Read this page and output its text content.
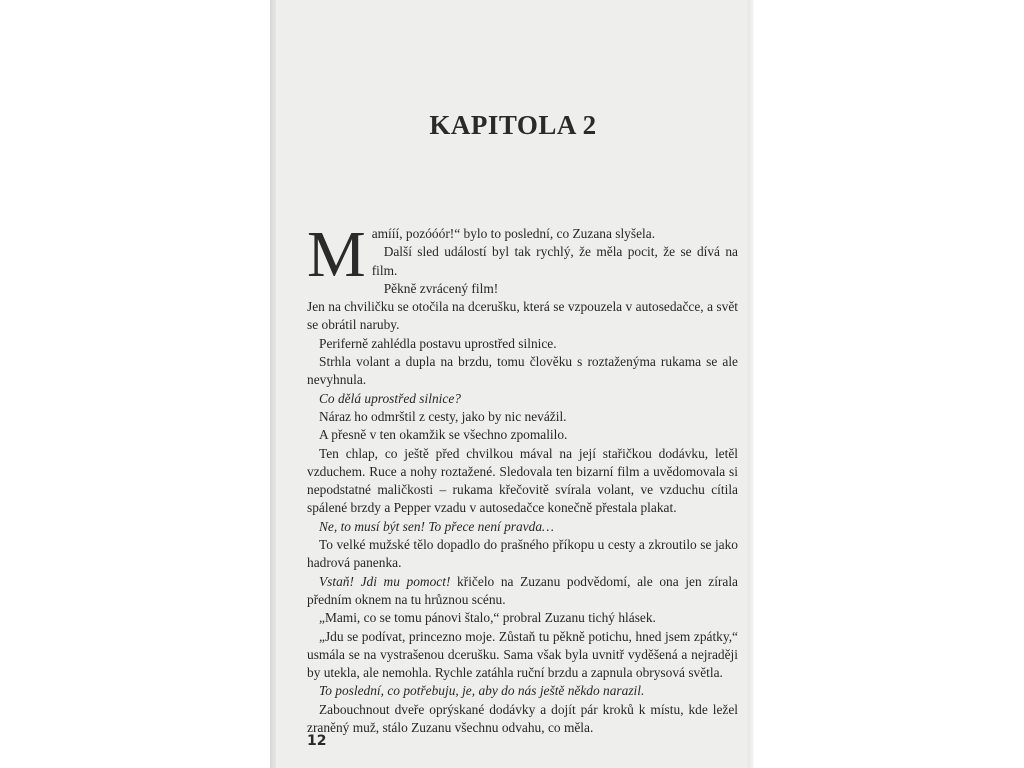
KAPITOLA 2

Mamííí, pozóóór!“ bylo to poslední, co Zuzana slyšela.

Další sled událostí byl tak rychlý, že měla pocit, že se dívá na film.

Pěkně zvrácený film!

Jen na chviličku se otočila na dcerušku, která se vzpouzela v autosedačce, a svět se obrátil naruby.

Periferně zahlédla postavu uprostřed silnice.

Strhla volant a dupla na brzdu, tomu člověku s roztaženýma rukama se ale nevyhnula.

Co dělá uprostřed silnice?

Náraz ho odmrštil z cesty, jako by nic nevážil.

A přesně v ten okamžik se všechno zpomalilo.

Ten chlap, co ještě před chvilkou mával na její stařičkou dodávku, letěl vzduchem. Ruce a nohy roztažené. Sledovala ten bizarní film a uvědomovala si nepodstatné maličkosti – rukama křečovitě svírala volant, ve vzduchu cítila spálené brzdy a Pepper vzadu v autosedačce konečně přestala plakat.

Ne, to musí být sen! To přece není pravda…

To velké mužské tělo dopadlo do prašného příkopu u cesty a zkroutilo se jako hadrová panenka.

Vstaň! Jdi mu pomoct! křičelo na Zuzanu podvědomí, ale ona jen zírala předním oknem na tu hrůznou scénu.

„Mami, co se tomu pánovi štalo,“ probral Zuzanu tichý hlásek.

„Jdu se podívat, princezno moje. Zůstaň tu pěkně potichu, hned jsem zpátky,“ usmála se na vystrašenou dcerušku. Sama však byla uvnitř vyděšená a nejraději by utekla, ale nemohla. Rychle zatáhla ruční brzdu a zapnula obrysová světla.

To poslední, co potřebuju, je, aby do nás ještě někdo narazil.

Zabouchnout dveře oprýskané dodávky a dojít pár kroků k místu, kde ležel zraněný muž, stálo Zuzanu všechnu odvahu, co měla.

12
